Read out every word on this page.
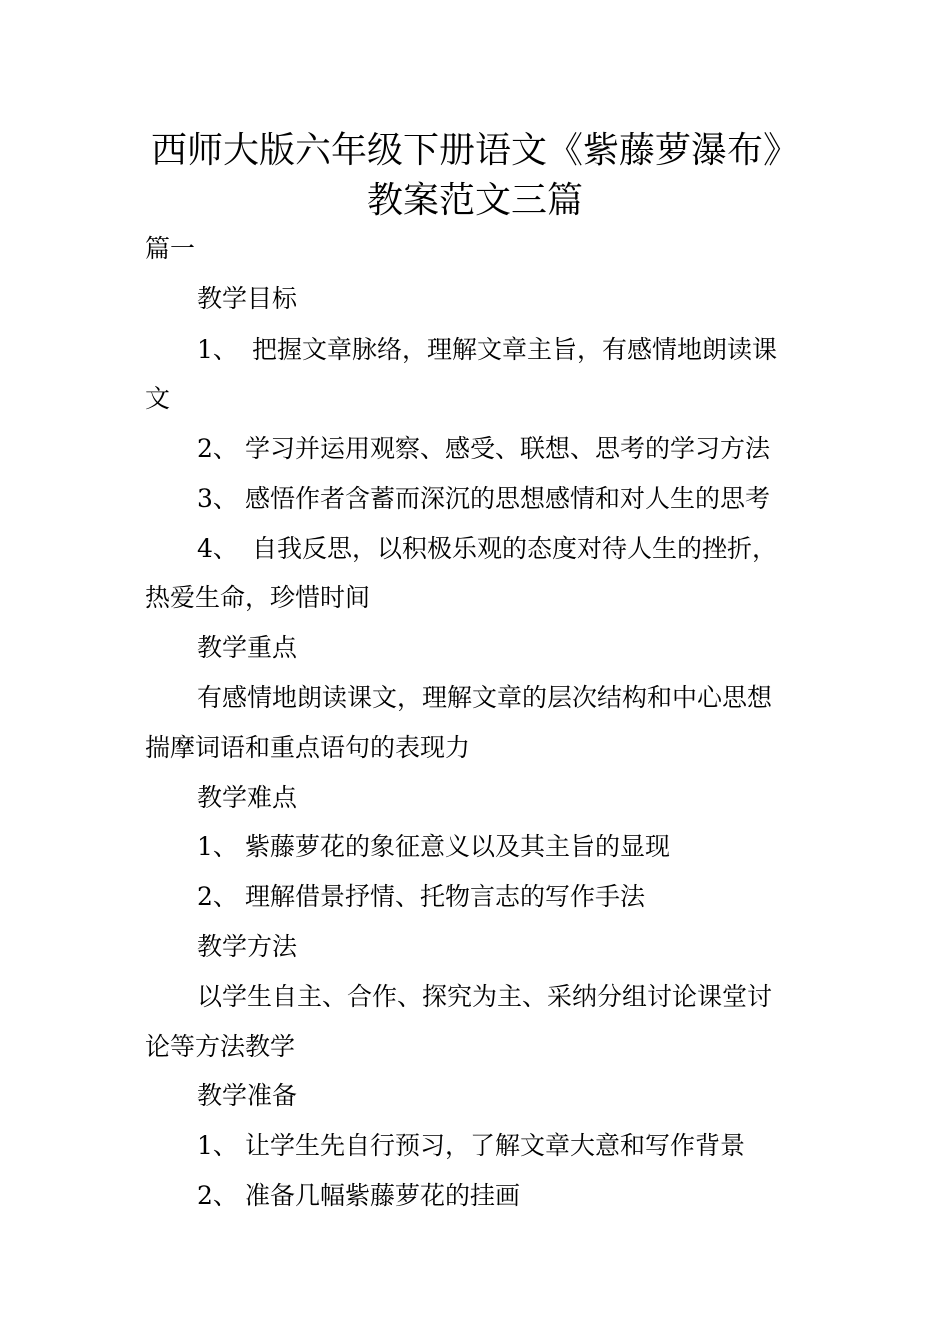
西师大版六年级下册语文《紫藤萝瀑布》
教案范文三篇
篇一
教学目标
1、 把握文章脉络，理解文章主旨，有感情地朗读课
文
2、 学习并运用观察、感受、联想、思考的学习方法
3、 感悟作者含蓄而深沉的思想感情和对人生的思考
4、 自我反思，以积极乐观的态度对待人生的挫折，
热爱生命，珍惜时间
教学重点
有感情地朗读课文，理解文章的层次结构和中心思想
揣摩词语和重点语句的表现力
教学难点
1、 紫藤萝花的象征意义以及其主旨的显现
2、 理解借景抒情、托物言志的写作手法
教学方法
以学生自主、合作、探究为主、采纳分组讨论课堂讨
论等方法教学
教学准备
1、 让学生先自行预习，了解文章大意和写作背景
2、 准备几幅紫藤萝花的挂画
